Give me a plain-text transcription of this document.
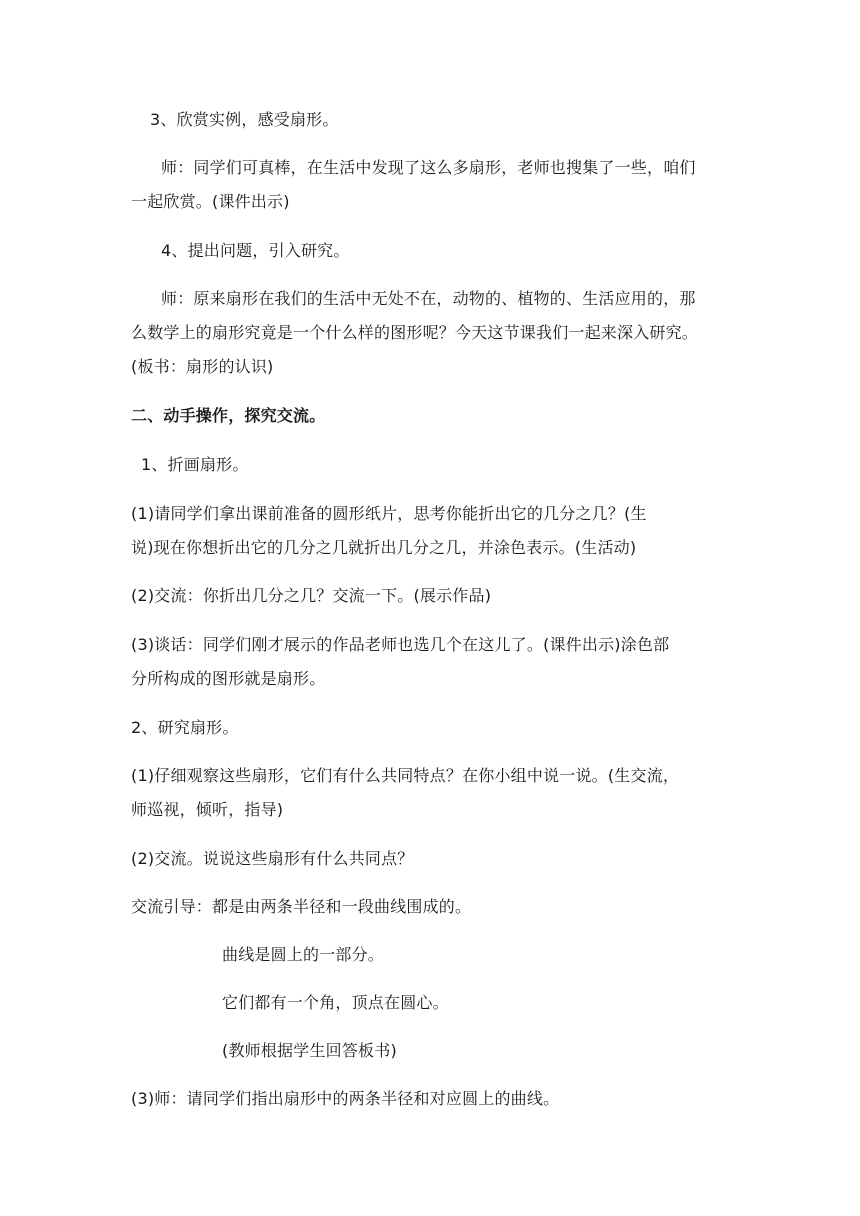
3、欣赏实例，感受扇形。
师：同学们可真棒，在生活中发现了这么多扇形，老师也搜集了一些，咱们
一起欣赏。(课件出示)
4、提出问题，引入研究。
师：原来扇形在我们的生活中无处不在，动物的、植物的、生活应用的，那
么数学上的扇形究竟是一个什么样的图形呢？今天这节课我们一起来深入研究。
(板书：扇形的认识)
二、动手操作，探究交流。
1、折画扇形。
(1)请同学们拿出课前准备的圆形纸片，思考你能折出它的几分之几？(生
说)现在你想折出它的几分之几就折出几分之几，并涂色表示。(生活动)
(2)交流：你折出几分之几？交流一下。(展示作品)
(3)谈话：同学们刚才展示的作品老师也选几个在这儿了。(课件出示)涂色部
分所构成的图形就是扇形。
2、研究扇形。
(1)仔细观察这些扇形，它们有什么共同特点？在你小组中说一说。(生交流，
师巡视，倾听，指导)
(2)交流。说说这些扇形有什么共同点？
交流引导：都是由两条半径和一段曲线围成的。
曲线是圆上的一部分。
它们都有一个角，顶点在圆心。
(教师根据学生回答板书)
(3)师：请同学们指出扇形中的两条半径和对应圆上的曲线。
